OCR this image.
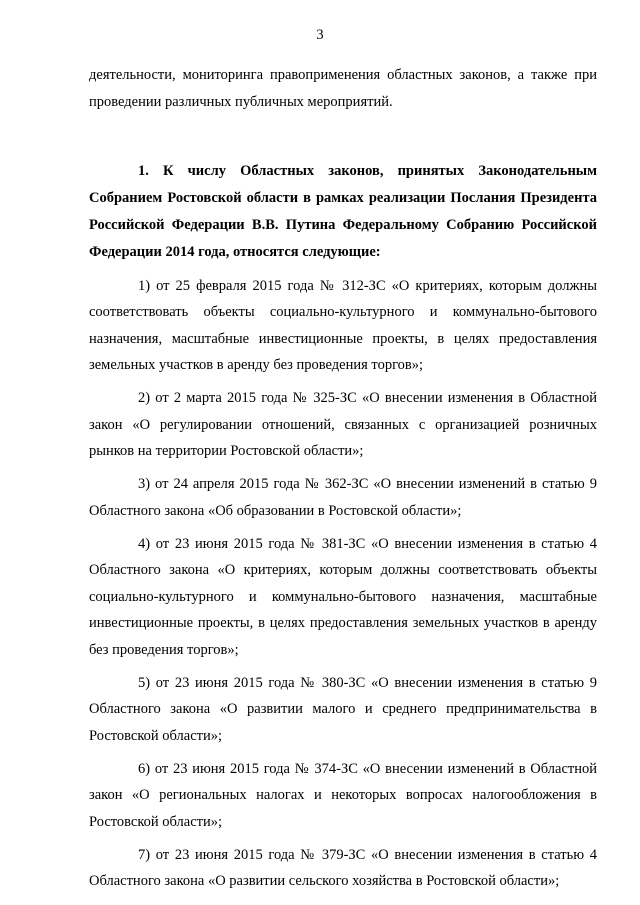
3

деятельности, мониторинга правоприменения областных законов, а также при проведении различных публичных мероприятий.

1. К числу Областных законов, принятых Законодательным Собранием Ростовской области в рамках реализации Послания Президента Российской Федерации В.В. Путина Федеральному Собранию Российской Федерации 2014 года, относятся следующие:

1) от 25 февраля 2015 года № 312-ЗС «О критериях, которым должны соответствовать объекты социально-культурного и коммунально-бытового назначения, масштабные инвестиционные проекты, в целях предоставления земельных участков в аренду без проведения торгов»;

2) от 2 марта 2015 года № 325-ЗС «О внесении изменения в Областной закон «О регулировании отношений, связанных с организацией розничных рынков на территории Ростовской области»;

3) от 24 апреля 2015 года № 362-ЗС «О внесении изменений в статью 9 Областного закона «Об образовании в Ростовской области»;

4) от 23 июня 2015 года № 381-ЗС «О внесении изменения в статью 4 Областного закона «О критериях, которым должны соответствовать объекты социально-культурного и коммунально-бытового назначения, масштабные инвестиционные проекты, в целях предоставления земельных участков в аренду без проведения торгов»;

5) от 23 июня 2015 года № 380-ЗС «О внесении изменения в статью 9 Областного закона «О развитии малого и среднего предпринимательства в Ростовской области»;

6) от 23 июня 2015 года № 374-ЗС «О внесении изменений в Областной закон «О региональных налогах и некоторых вопросах налогообложения в Ростовской области»;

7) от 23 июня 2015 года № 379-ЗС «О внесении изменения в статью 4 Областного закона «О развитии сельского хозяйства в Ростовской области»;
